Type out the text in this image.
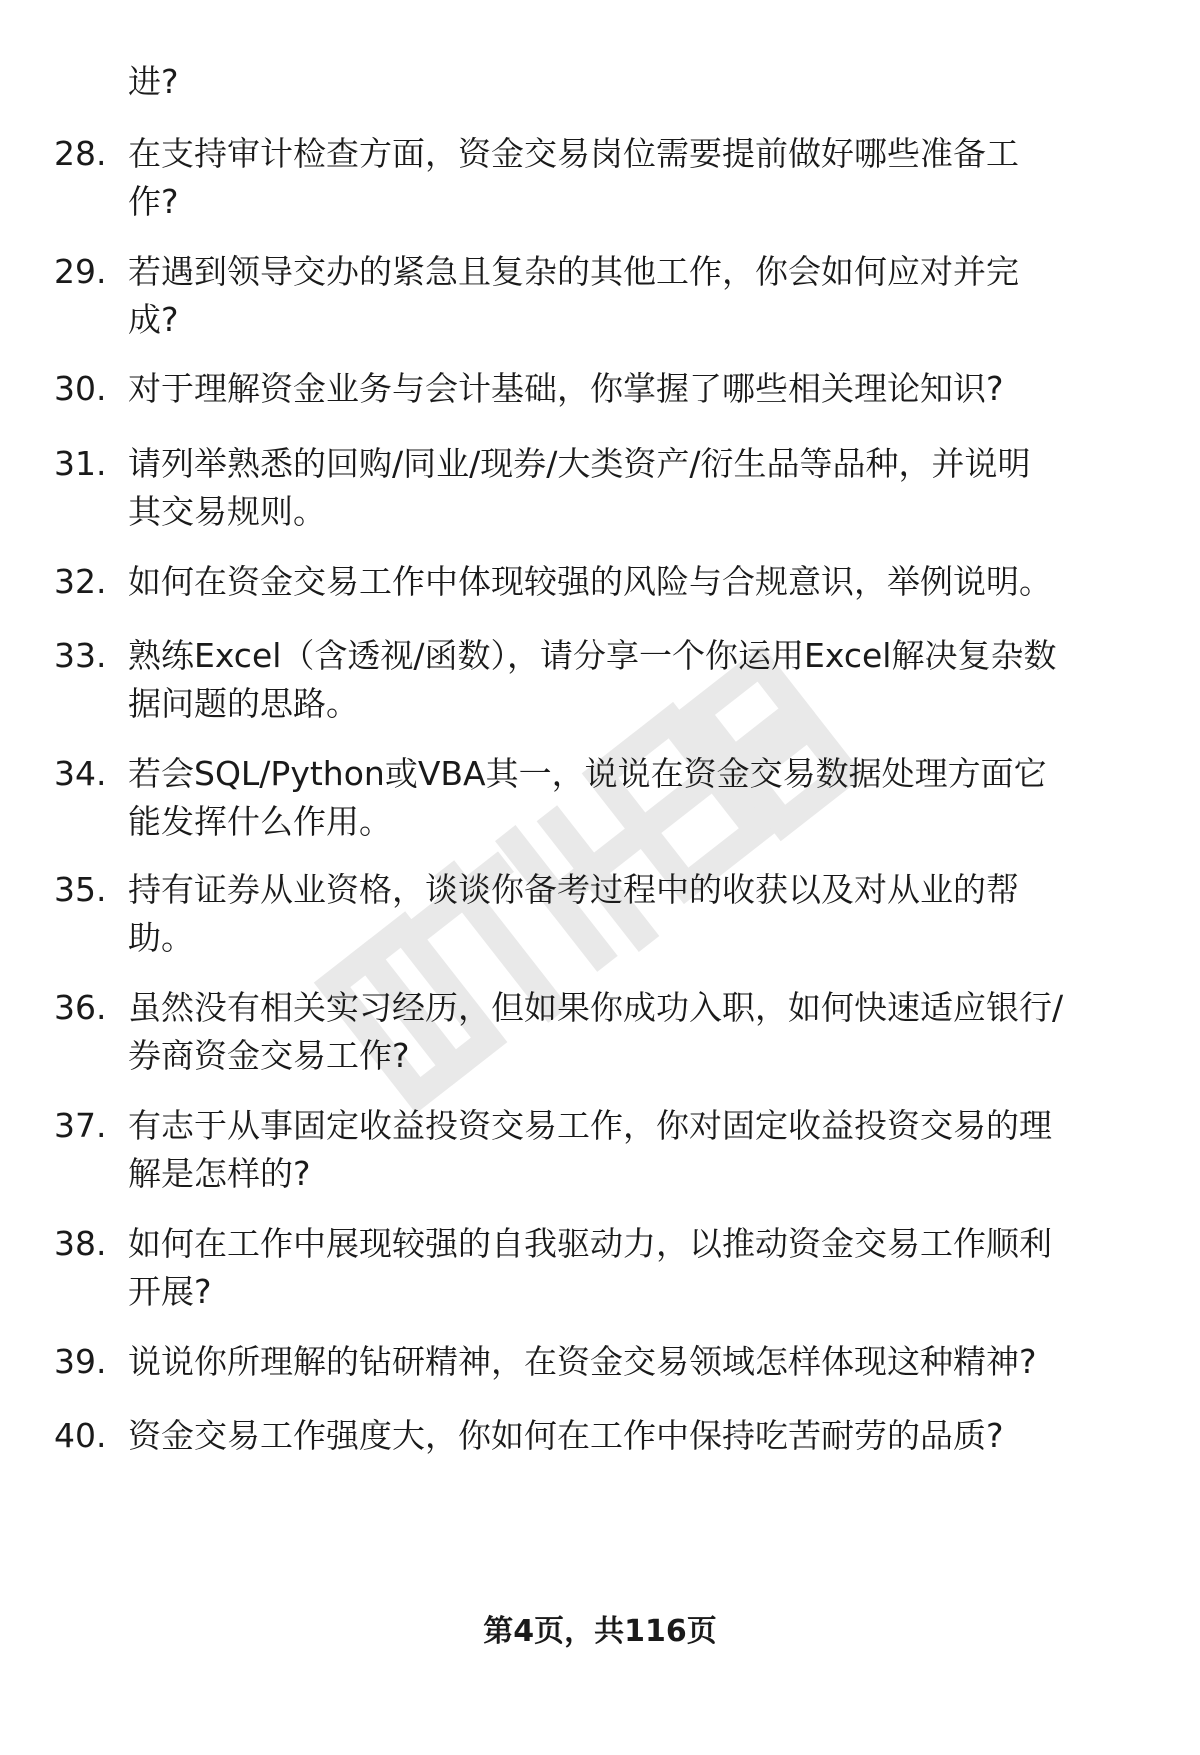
进?
28. 在支持审计检查方面，资金交易岗位需要提前做好哪些准备工
作?
29. 若遇到领导交办的紧急且复杂的其他工作，你会如何应对并完
成?
30. 对于理解资金业务与会计基础，你掌握了哪些相关理论知识?
31. 请列举熟悉的回购/同业/现券/大类资产/衍生品等品种，并说明
其交易规则。
32. 如何在资金交易工作中体现较强的风险与合规意识，举例说明。
33. 熟练Excel（含透视/函数），请分享一个你运用Excel解决复杂数
据问题的思路。
34. 若会SQL/Python或VBA其一，说说在资金交易数据处理方面它
能发挥什么作用。
35. 持有证券从业资格，谈谈你备考过程中的收获以及对从业的帮
助。
36. 虽然没有相关实习经历，但如果你成功入职，如何快速适应银行/
券商资金交易工作?
37. 有志于从事固定收益投资交易工作，你对固定收益投资交易的理
解是怎样的?
38. 如何在工作中展现较强的自我驱动力，以推动资金交易工作顺利
开展?
39. 说说你所理解的钻研精神，在资金交易领域怎样体现这种精神?
40. 资金交易工作强度大，你如何在工作中保持吃苦耐劳的品质?
第4页，共116页
